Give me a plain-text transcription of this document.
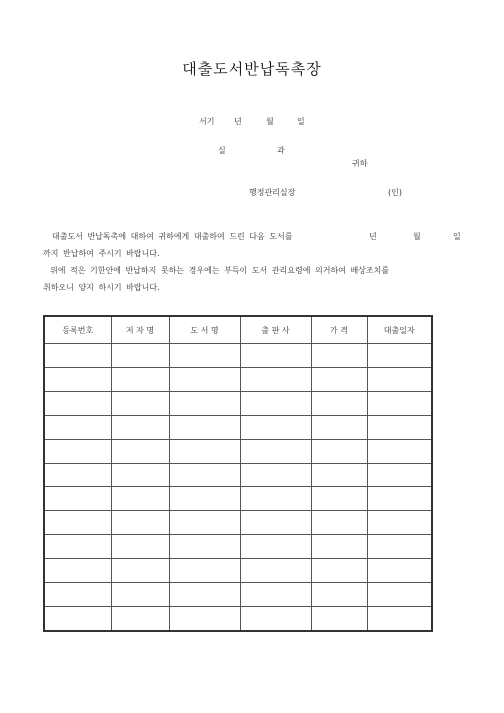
대출도서반납독촉장
서기 년	월	일
실	과
귀하
행정관리실장	(인)
대출도서 반납독촉에 대하여 귀하에게 대출하여 드린 다음 도서를	년	월	일
까지 반납하여 주시기 바랍니다.
위에 적은 기한안에 반납하지 못하는 경우에는 부득이 도서 관리요령에 의거하여 배상조치를
취하오니 양지 하시기 바랍니다.
등록번호	저 자 명	도 서 명	출 판 사	가 격	대출일자
